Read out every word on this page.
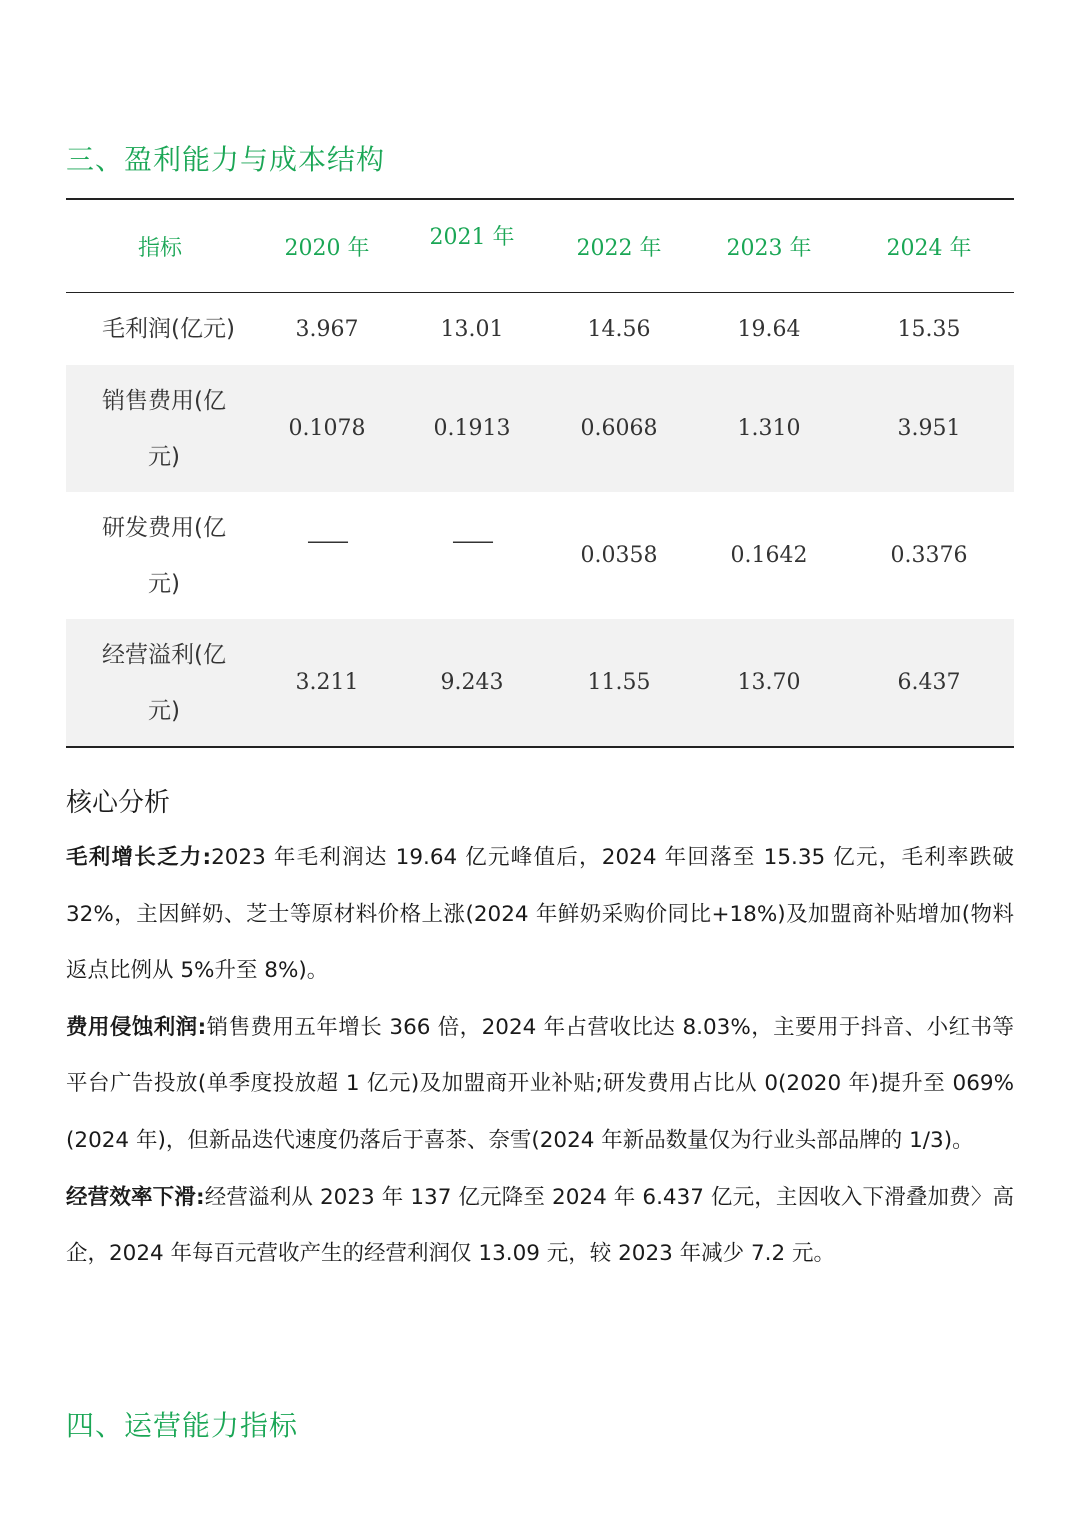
三、盈利能力与成本结构
指标	2020 年	2021 年	2022 年	2023 年	2024 年
毛利润(亿元)	3.967	13.01	14.56	19.64	15.35

销售费用(亿
元)	0.1078	0.1913	0.6068	1.310	3.951

研发费用(亿
元)	——	——	0.0358	0.1642	0.3376

经营溢利(亿
元)	3.211	9.243	11.55	13.70	6.437
核心分析

毛利增长乏力:2023 年毛利润达 19.64 亿元峰值后，2024 年回落至 15.35 亿元，毛利率跌破 32%，主因鲜奶、芝士等原材料价格上涨(2024 年鲜奶采购价同比+18%)及加盟商补贴增加(物料返点比例从 5%升至 8%)。

费用侵蚀利润:销售费用五年增长 366 倍，2024 年占营收比达 8.03%，主要用于抖音、小红书等平台广告投放(单季度投放超 1 亿元)及加盟商开业补贴;研发费用占比从 0(2020 年)提升至 069%(2024 年)，但新品迭代速度仍落后于喜茶、奈雪(2024 年新品数量仅为行业头部品牌的 1/3)。

经营效率下滑:经营溢利从 2023 年 137 亿元降至 2024 年 6.437 亿元，主因收入下滑叠加费〉高企，2024 年每百元营收产生的经营利润仅 13.09 元，较 2023 年减少 7.2 元。

四、运营能力指标
